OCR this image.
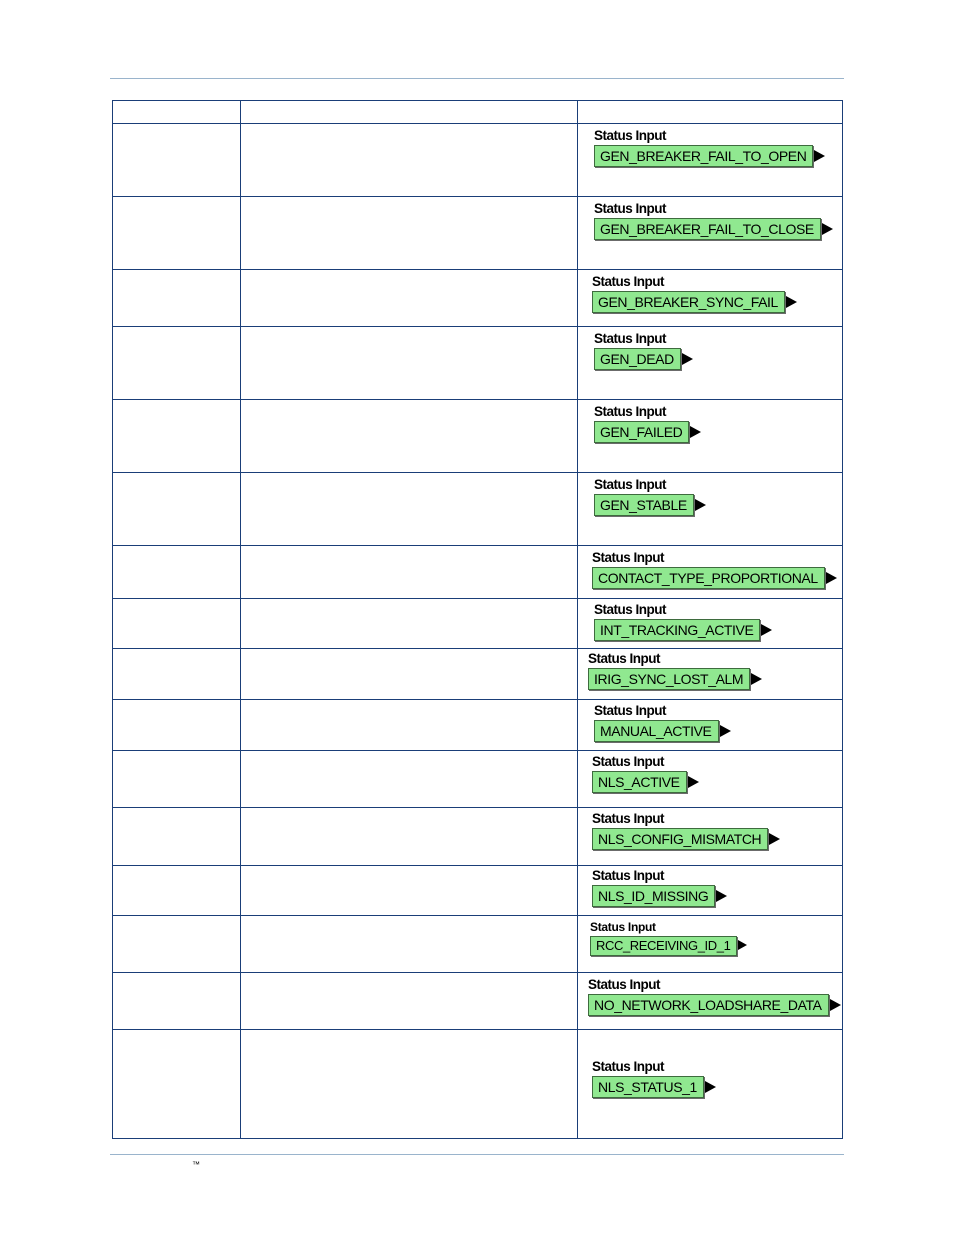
		Status Input
GEN_BREAKER_FAIL_TO_OPEN

		Status Input
GEN_BREAKER_FAIL_TO_CLOSE

		Status Input
GEN_BREAKER_SYNC_FAIL

		Status Input
GEN_DEAD

		Status Input
GEN_FAILED

		Status Input
GEN_STABLE

		Status Input
CONTACT_TYPE_PROPORTIONAL

		Status Input
INT_TRACKING_ACTIVE

		Status Input
IRIG_SYNC_LOST_ALM

		Status Input
MANUAL_ACTIVE

		Status Input
NLS_ACTIVE

		Status Input
NLS_CONFIG_MISMATCH

		Status Input
NLS_ID_MISSING

		Status Input
RCC_RECEIVING_ID_1

		Status Input
NO_NETWORK_LOADSHARE_DATA

		Status Input
NLS_STATUS_1
™
